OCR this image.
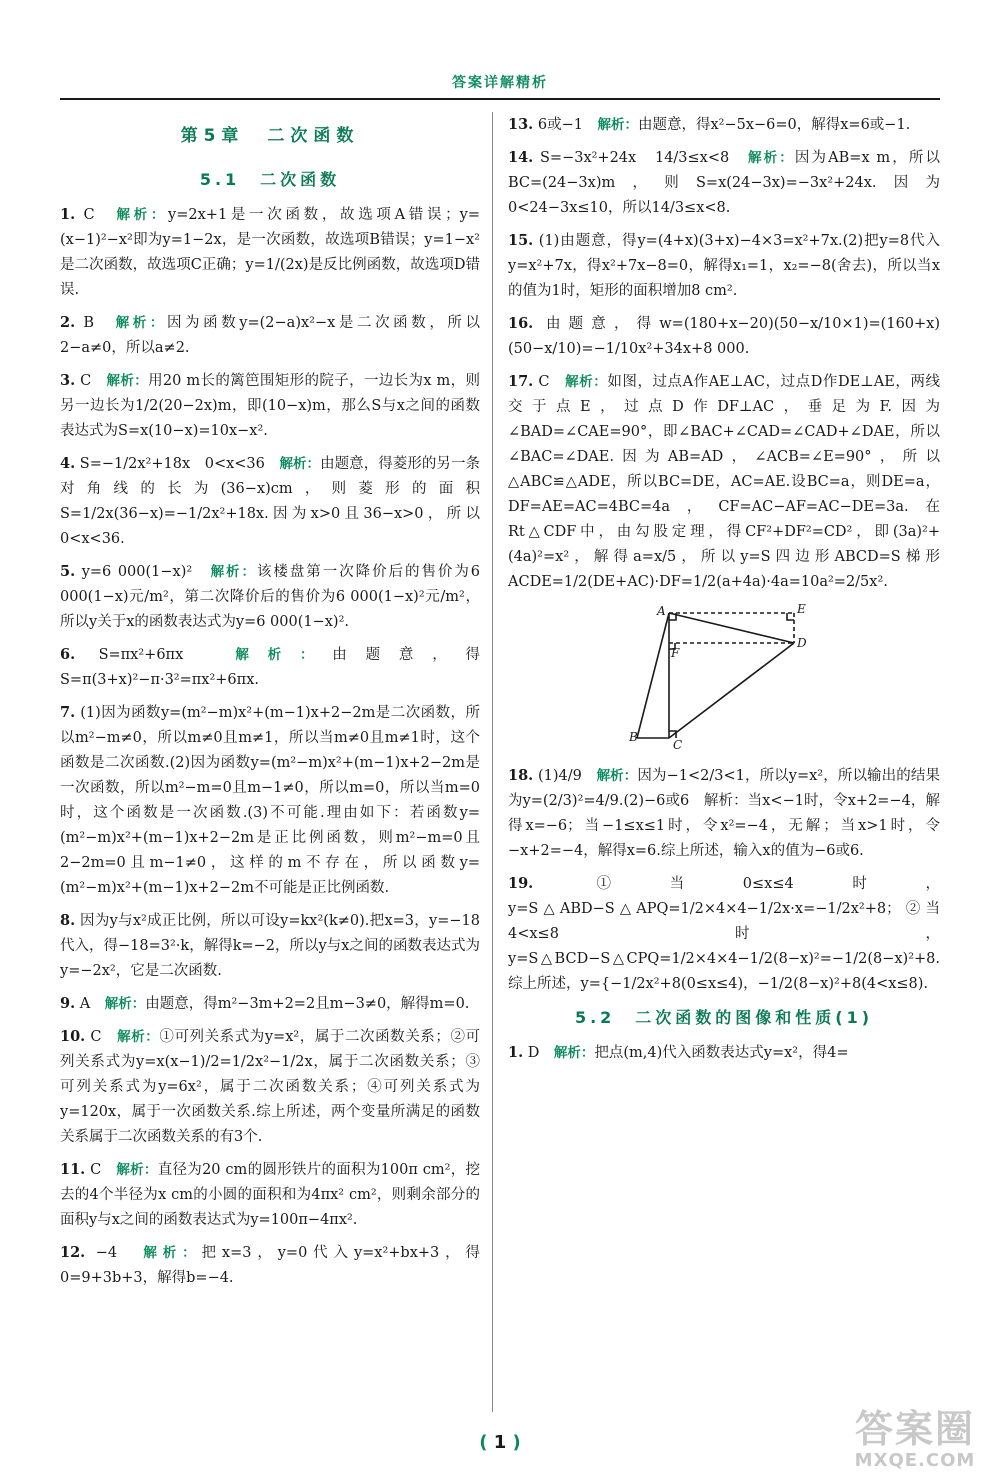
答案详解精析
第5章　二次函数
5.1　二次函数
1. C　 解析：y=2x+1是一次函数，故选项A错误；y=(x−1)²−x²即为y=1−2x，是一次函数，故选项B错误；y=1−x²是二次函数，故选项C正确；y=1/(2x)是反比例函数，故选项D错误.
2. B　 解析：因为函数y=(2−a)x²−x是二次函数，所以2−a≠0，所以a≠2.
3. C　 解析：用20 m长的篱笆围矩形的院子，一边长为x m，则另一边长为1/2(20−2x)m，即(10−x)m，那么S与x之间的函数表达式为S=x(10−x)=10x−x².
4. S=−1/2x²+18x　0<x<36　 解析：由题意，得菱形的另一条对角线的长为(36−x)cm，则菱形的面积S=1/2x(36−x)=−1/2x²+18x.因为x>0且36−x>0，所以0<x<36.
5. y=6 000(1−x)²　 解析：该楼盘第一次降价后的售价为6 000(1−x)元/m²，第二次降价后的售价为6 000(1−x)²元/m²，所以y关于x的函数表达式为y=6 000(1−x)².
6. S=πx²+6πx　	解析：由题意，得S=π(3+x)²−π·3²=πx²+6πx.
7. (1)因为函数y=(m²−m)x²+(m−1)x+2−2m是二次函数，所以m²−m≠0，所以m≠0且m≠1，所以当m≠0且m≠1时，这个函数是二次函数.(2)因为函数y=(m²−m)x²+(m−1)x+2−2m是一次函数，所以m²−m=0且m−1≠0，所以m=0，所以当m=0时，这个函数是一次函数.(3)不可能.理由如下：若函数y=(m²−m)x²+(m−1)x+2−2m是正比例函数，则m²−m=0且2−2m=0且m−1≠0，这样的m不存在，所以函数y=(m²−m)x²+(m−1)x+2−2m不可能是正比例函数.
8. 因为y与x²成正比例，所以可设y=kx²(k≠0).把x=3，y=−18代入，得−18=3²·k，解得k=−2，所以y与x之间的函数表达式为y=−2x²，它是二次函数.
9. A　 解析：由题意，得m²−3m+2=2且m−3≠0，解得m=0.
10. C　 解析：①可列关系式为y=x²，属于二次函数关系；②可列关系式为y=x(x−1)/2=1/2x²−1/2x，属于二次函数关系；③可列关系式为y=6x²，属于二次函数关系；④可列关系式为y=120x，属于一次函数关系.综上所述，两个变量所满足的函数关系属于二次函数关系的有3个.
11. C　 解析：直径为20 cm的圆形铁片的面积为100π cm²，挖去的4个半径为x cm的小圆的面积和为4πx² cm²，则剩余部分的面积y与x之间的函数表达式为y=100π−4πx².
12. −4　 解析：把x=3，y=0代入y=x²+bx+3，得0=9+3b+3，解得b=−4.
13. 6或−1　 解析：由题意，得x²−5x−6=0，解得x=6或−1.
14. S=−3x²+24x　14/3≤x<8　 解析：因为AB=x m，所以BC=(24−3x)m，则S=x(24−3x)=−3x²+24x.因为0<24−3x≤10，所以14/3≤x<8.
15. (1)由题意，得y=(4+x)(3+x)−4×3=x²+7x.(2)把y=8代入y=x²+7x，得x²+7x−8=0，解得x₁=1，x₂=−8(舍去)，所以当x的值为1时，矩形的面积增加8 cm².
16. 由题意，得w=(180+x−20)(50−x/10×1)=(160+x)(50−x/10)=−1/10x²+34x+8 000.
17. C　 解析：如图，过点A作AE⊥AC，过点D作DE⊥AE，两线交于点E，过点D作DF⊥AC，垂足为F.因为∠BAD=∠CAE=90°，即∠BAC+∠CAD=∠CAD+∠DAE，所以∠BAC=∠DAE.因为AB=AD，∠ACB=∠E=90°，所以△ABC≌△ADE，所以BC=DE，AC=AE.设BC=a，则DE=a，DF=AE=AC=4BC=4a，CF=AC−AF=AC−DE=3a.在Rt△CDF中，由勾股定理，得CF²+DF²=CD²，即(3a)²+(4a)²=x²，解得a=x/5，所以y=S四边形ABCD=S梯形ACDE=1/2(DE+AC)·DF=1/2(a+4a)·4a=10a²=2/5x².
A	E
F
D
B
C
18. (1)4/9　 解析：因为−1<2/3<1，所以y=x²，所以输出的结果为y=(2/3)²=4/9.(2)−6或6　解析：当x<−1时，令x+2=−4，解得x=−6；当−1≤x≤1时，令x²=−4，无解；当x>1时，令−x+2=−4，解得x=6.综上所述，输入x的值为−6或6.
19.	①当0≤x≤4时，y=S△ABD−S△APQ=1/2×4×4−1/2x·x=−1/2x²+8；②当4<x≤8时，y=S△BCD−S△CPQ=1/2×4×4−1/2(8−x)²=−1/2(8−x)²+8.综上所述，y={−1/2x²+8(0≤x≤4)，−1/2(8−x)²+8(4<x≤8).
5.2　二次函数的图像和性质(1)
1. D　 解析：把点(m,4)代入函数表达式y=x²，得4=
( 1 )	答案圈
MXQE.COM
